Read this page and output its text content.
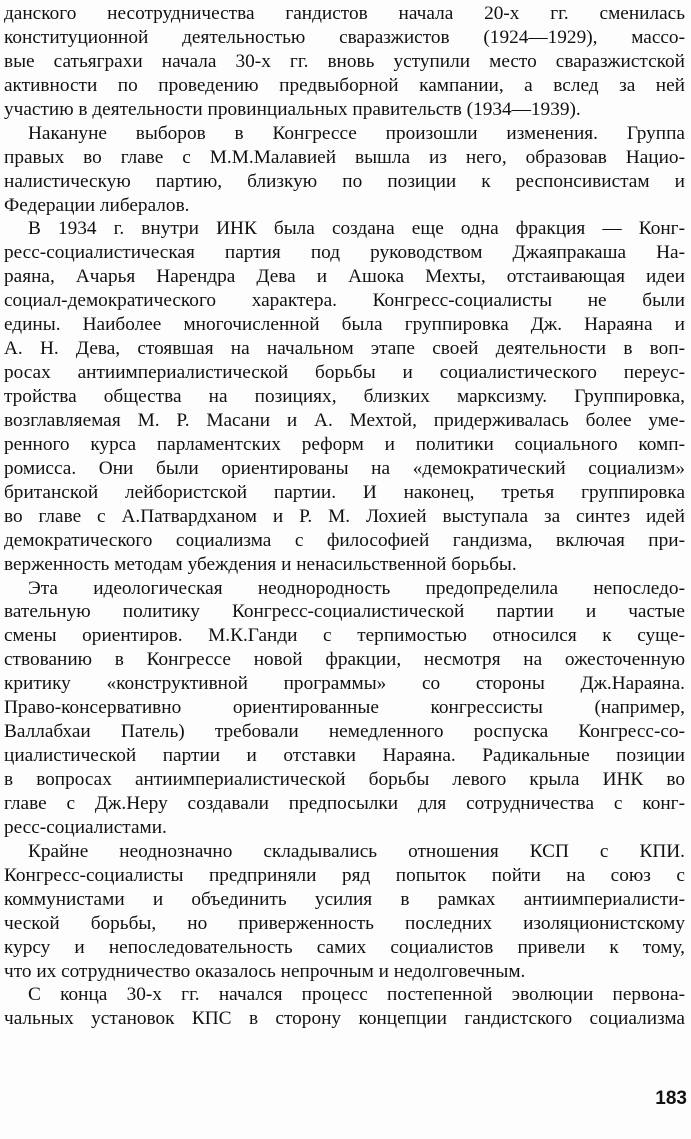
данского несотрудничества гандистов начала 20-х гг. сменилась
конституционной деятельностью сваразжистов (1924—1929), массо-
вые сатьяграхи начала 30-х гг. вновь уступили место сваразжистской
активности по проведению предвыборной кампании, а вслед за ней
участию в деятельности провинциальных правительств (1934—1939).
Накануне выборов в Конгрессе произошли изменения. Группа
правых во главе с М.М.Малавией вышла из него, образовав Нацио-
налистическую партию, близкую по позиции к респонсивистам и
Федерации либералов.
В 1934 г. внутри ИНК была создана еще одна фракция — Конг-
ресс-социалистическая партия под руководством Джаяпракаша На-
раяна, Ачарья Нарендра Дева и Ашока Мехты, отстаивающая идеи
социал-демократического характера. Конгресс-социалисты не были
едины. Наиболее многочисленной была группировка Дж. Нараяна и
А. Н. Дева, стоявшая на начальном этапе своей деятельности в воп-
росах антиимпериалистической борьбы и социалистического переус-
тройства общества на позициях, близких марксизму. Группировка,
возглавляемая М. Р. Масани и А. Мехтой, придерживалась более уме-
ренного курса парламентских реформ и политики социального комп-
ромисса. Они были ориентированы на «демократический социализм»
британской лейбористской партии. И наконец, третья группировка
во главе с А.Патвардханом и Р. М. Лохией выступала за синтез идей
демократического социализма с философией гандизма, включая при-
верженность методам убеждения и ненасильственной борьбы.
Эта идеологическая неоднородность предопределила непоследо-
вательную политику Конгресс-социалистической партии и частые
смены ориентиров. М.К.Ганди с терпимостью относился к суще-
ствованию в Конгрессе новой фракции, несмотря на ожесточенную
критику «конструктивной программы» со стороны Дж.Нараяна.
Право-консервативно ориентированные конгрессисты (например,
Валлабхаи Патель) требовали немедленного роспуска Конгресс-со-
циалистической партии и отставки Нараяна. Радикальные позиции
в вопросах антиимпериалистической борьбы левого крыла ИНК во
главе с Дж.Неру создавали предпосылки для сотрудничества с конг-
ресс-социалистами.
Крайне неоднозначно складывались отношения КСП с КПИ.
Конгресс-социалисты предприняли ряд попыток пойти на союз с
коммунистами и объединить усилия в рамках антиимпериалисти-
ческой борьбы, но приверженность последних изоляционистскому
курсу и непоследовательность самих социалистов привели к тому,
что их сотрудничество оказалось непрочным и недолговечным.
С конца 30-х гг. начался процесс постепенной эволюции первона-
чальных установок КПС в сторону концепции гандистского социализма
183
